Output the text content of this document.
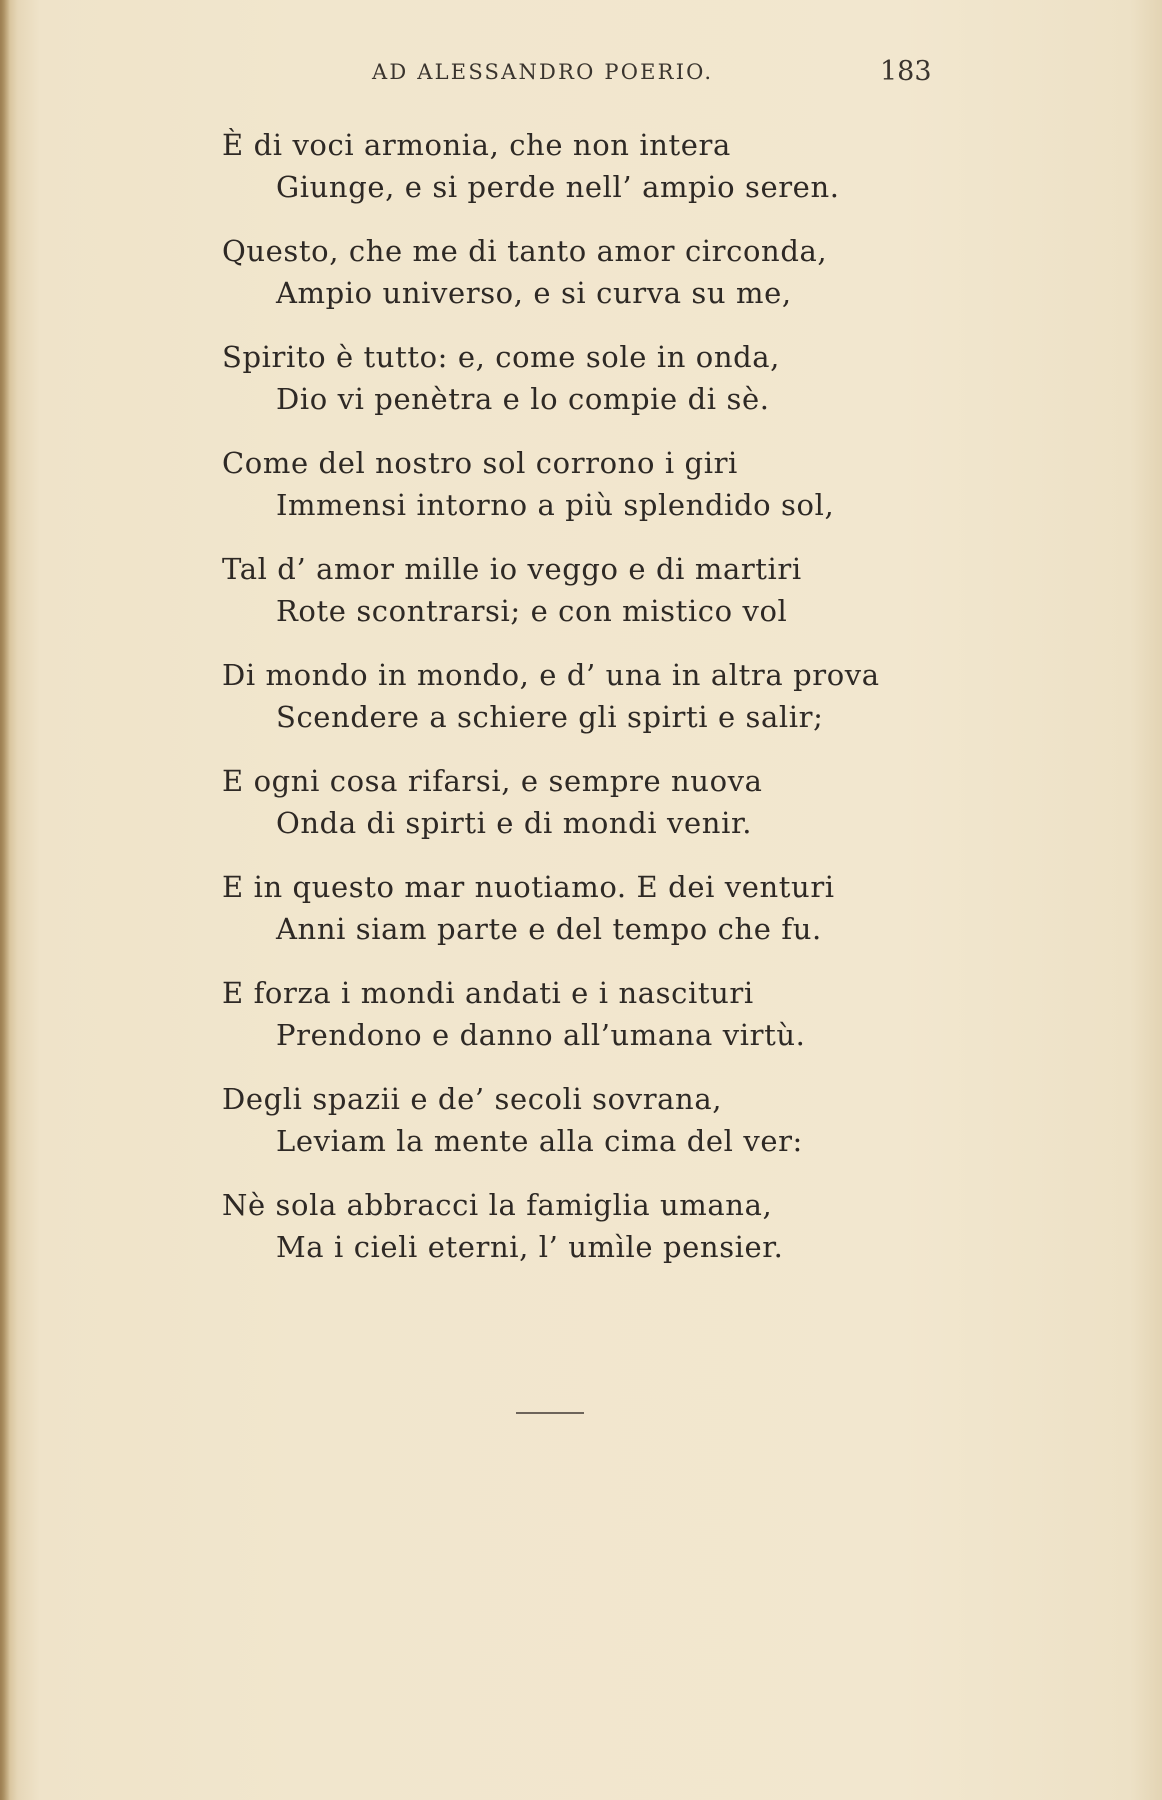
AD ALESSANDRO POERIO.	183
È di voci armonia, che non intera
Giunge, e si perde nell’ ampio seren.
Questo, che me di tanto amor circonda,
Ampio universo, e si curva su me,
Spirito è tutto: e, come sole in onda,
Dio vi penètra e lo compie di sè.
Come del nostro sol corrono i giri
Immensi intorno a più splendido sol,
Tal d’ amor mille io veggo e di martiri
Rote scontrarsi; e con mistico vol
Di mondo in mondo, e d’ una in altra prova
Scendere a schiere gli spirti e salir;
E ogni cosa rifarsi, e sempre nuova
Onda di spirti e di mondi venir.
E in questo mar nuotiamo. E dei venturi
Anni siam parte e del tempo che fu.
E forza i mondi andati e i nascituri
Prendono e danno all’umana virtù.
Degli spazii e de’ secoli sovrana,
Leviam la mente alla cima del ver:
Nè sola abbracci la famiglia umana,
Ma i cieli eterni, l’ umìle pensier.
